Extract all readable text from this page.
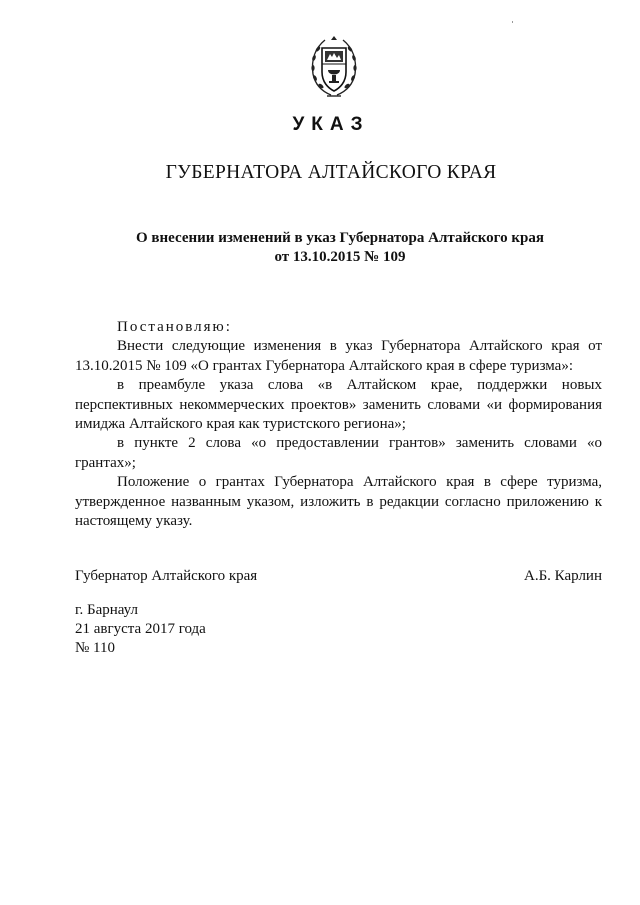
УКАЗ
ГУБЕРНАТОРА АЛТАЙСКОГО КРАЯ
О внесении изменений в указ Губернатора Алтайского края
от 13.10.2015 № 109

Постановляю:

Внести следующие изменения в указ Губернатора Алтайского края от 13.10.2015 № 109 «О грантах Губернатора Алтайского края в сфере туризма»:

в преамбуле указа слова «в Алтайском крае, поддержки новых перспективных некоммерческих проектов» заменить словами «и формирования имиджа Алтайского края как туристского региона»;

в пункте 2 слова «о предоставлении грантов» заменить словами «о грантах»;

Положение о грантах Губернатора Алтайского края в сфере туризма, утвержденное названным указом, изложить в редакции согласно приложению к настоящему указу.

Губернатор Алтайского края	А.Б. Карлин
г. Барнаул
21 августа 2017 года
№ 110
